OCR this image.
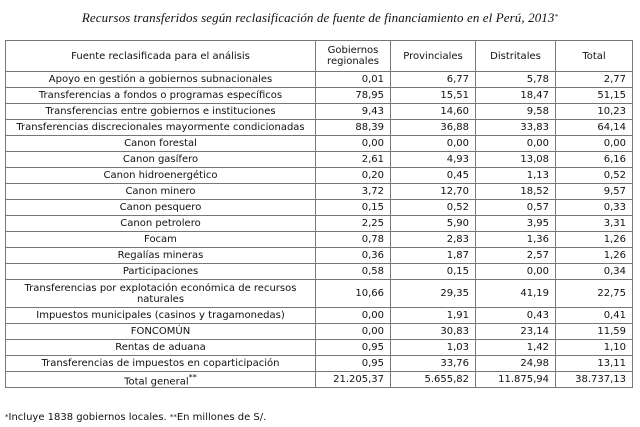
Recursos transferidos según reclasificación de fuente de financiamiento en el Perú, 2013*
Fuente reclasificada para el análisis	Gobiernos regionales	Provinciales	Distritales	Total
Apoyo en gestión a gobiernos subnacionales	0,01	6,77	5,78	2,77
Transferencias a fondos o programas específicos	78,95	15,51	18,47	51,15
Transferencias entre gobiernos e instituciones	9,43	14,60	9,58	10,23
Transferencias discrecionales mayormente condicionadas	88,39	36,88	33,83	64,14
Canon forestal	0,00	0,00	0,00	0,00
Canon gasífero	2,61	4,93	13,08	6,16
Canon hidroenergético	0,20	0,45	1,13	0,52
Canon minero	3,72	12,70	18,52	9,57
Canon pesquero	0,15	0,52	0,57	0,33
Canon petrolero	2,25	5,90	3,95	3,31
Focam	0,78	2,83	1,36	1,26
Regalías mineras	0,36	1,87	2,57	1,26
Participaciones	0,58	0,15	0,00	0,34
Transferencias por explotación económica de recursos naturales	10,66	29,35	41,19	22,75
Impuestos municipales (casinos y tragamonedas)	0,00	1,91	0,43	0,41
FONCOMÚN	0,00	30,83	23,14	11,59
Rentas de aduana	0,95	1,03	1,42	1,10
Transferencias de impuestos en coparticipación	0,95	33,76	24,98	13,11
Total general**	21.205,37	5.655,82	11.875,94	38.737,13
*Incluye 1838 gobiernos locales. **En millones de S/.
